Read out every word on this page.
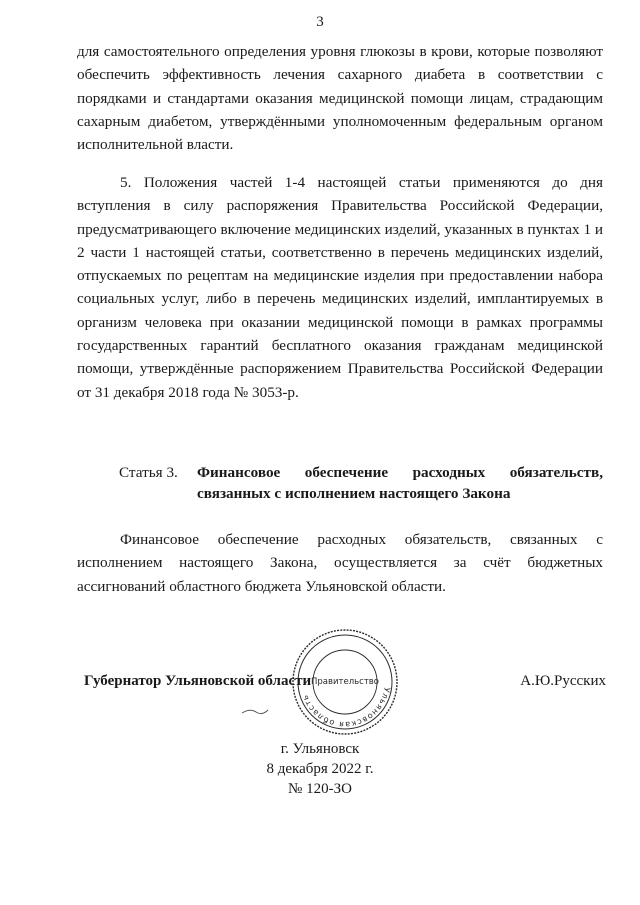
3

для самостоятельного определения уровня глюкозы в крови, которые позволяют обеспечить эффективность лечения сахарного диабета в соответствии с порядками и стандартами оказания медицинской помощи лицам, страдающим сахарным диабетом, утверждёнными уполномоченным федеральным органом исполнительной власти.

5. Положения частей 1-4 настоящей статьи применяются до дня вступления в силу распоряжения Правительства Российской Федерации, предусматривающего включение медицинских изделий, указанных в пунктах 1 и 2 части 1 настоящей статьи, соответственно в перечень медицинских изделий, отпускаемых по рецептам на медицинские изделия при предоставлении набора социальных услуг, либо в перечень медицинских изделий, имплантируемых в организм человека при оказании медицинской помощи в рамках программы государственных гарантий бесплатного оказания гражданам медицинской помощи, утверждённые распоряжением Правительства Российской Федерации от 31 декабря 2018 года № 3053-р.

Статья 3. Финансовое обеспечение расходных обязательств, связанных с исполнением настоящего Закона

Финансовое обеспечение расходных обязательств, связанных с исполнением настоящего Закона, осуществляется за счёт бюджетных ассигнований областного бюджета Ульяновской области.

Ульяновская область
Правительство
Губернатор Ульяновской области	А.Ю.Русских
г. Ульяновск
8 декабря 2022 г.
№ 120-ЗО
